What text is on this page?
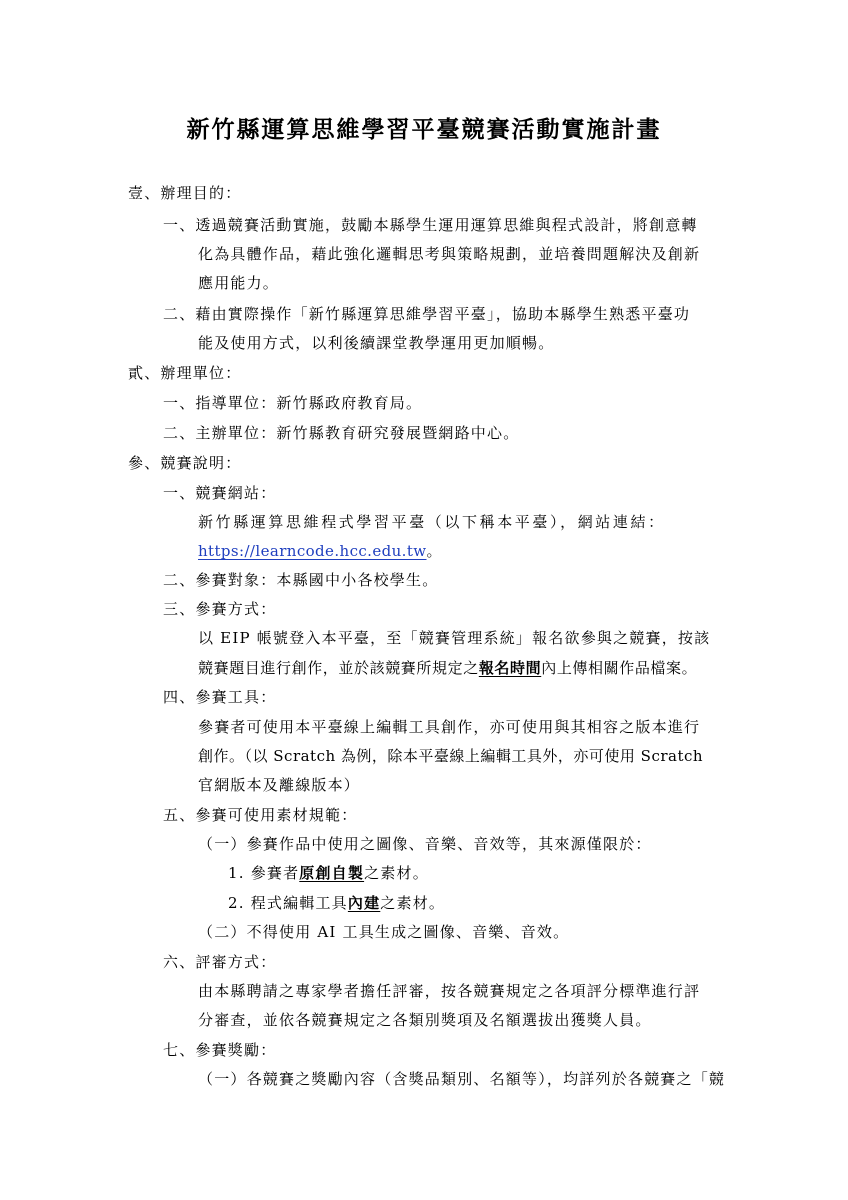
新竹縣運算思維學習平臺競賽活動實施計畫
壹、辦理目的：
一、透過競賽活動實施，鼓勵本縣學生運用運算思維與程式設計，將創意轉
化為具體作品，藉此強化邏輯思考與策略規劃，並培養問題解決及創新
應用能力。
二、藉由實際操作「新竹縣運算思維學習平臺」，協助本縣學生熟悉平臺功
能及使用方式，以利後續課堂教學運用更加順暢。
貳、辦理單位：
一、指導單位：新竹縣政府教育局。
二、主辦單位：新竹縣教育研究發展暨網路中心。
參、競賽說明：
一、競賽網站：
新竹縣運算思維程式學習平臺（以下稱本平臺），網站連結：
https://learncode.hcc.edu.tw。
二、參賽對象：本縣國中小各校學生。
三、參賽方式：
以 EIP 帳號登入本平臺，至「競賽管理系統」報名欲參與之競賽，按該
競賽題目進行創作，並於該競賽所規定之報名時間內上傳相關作品檔案。
四、參賽工具：
參賽者可使用本平臺線上編輯工具創作，亦可使用與其相容之版本進行
創作。（以 Scratch 為例，除本平臺線上編輯工具外，亦可使用 Scratch
官網版本及離線版本）
五、參賽可使用素材規範：
（一）參賽作品中使用之圖像、音樂、音效等，其來源僅限於：
1. 參賽者原創自製之素材。
2. 程式編輯工具內建之素材。
（二）不得使用 AI 工具生成之圖像、音樂、音效。
六、評審方式：
由本縣聘請之專家學者擔任評審，按各競賽規定之各項評分標準進行評
分審查，並依各競賽規定之各類別獎項及名額選拔出獲獎人員。
七、參賽獎勵：
（一）各競賽之獎勵內容（含獎品類別、名額等），均詳列於各競賽之「競
